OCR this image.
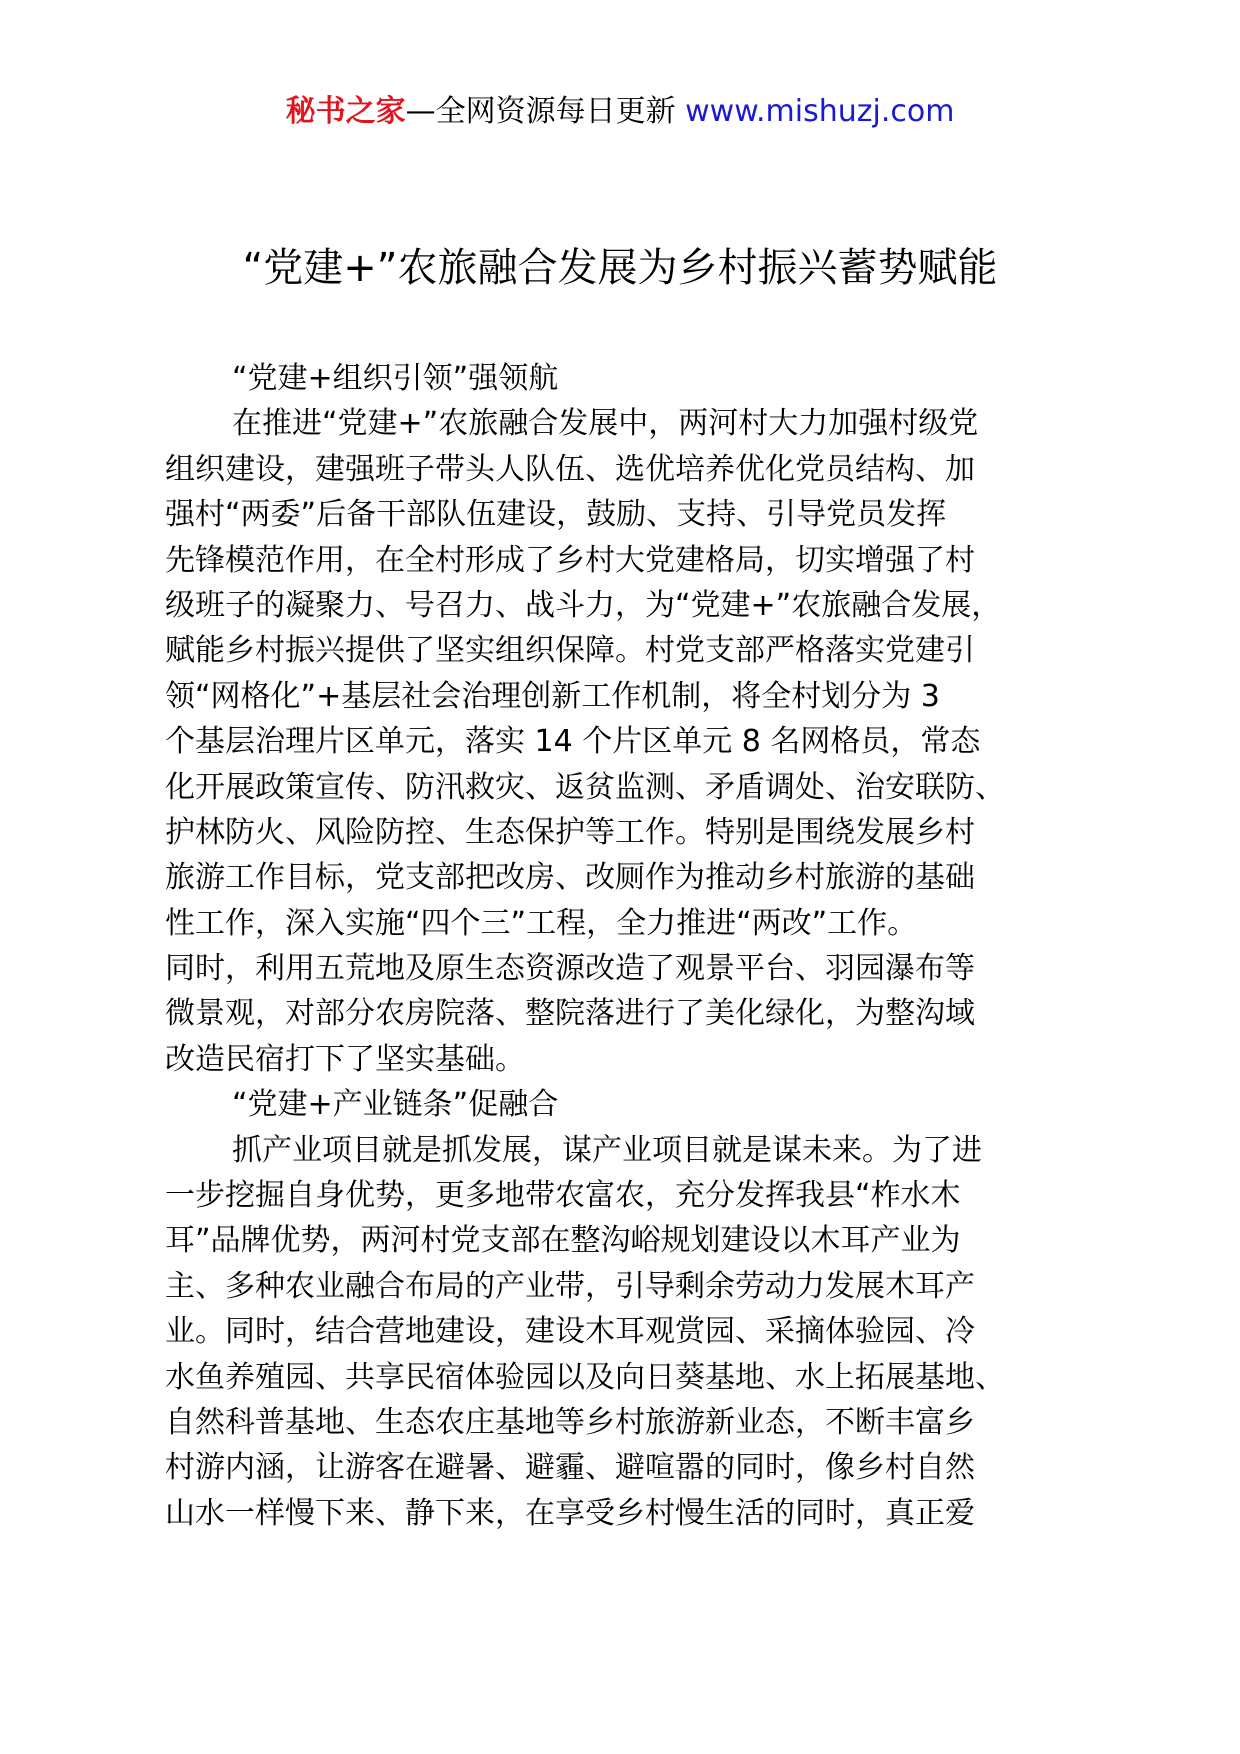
秘书之家—全网资源每日更新 www.mishuzj.com
“党建+”农旅融合发展为乡村振兴蓄势赋能
“党建+组织引领”强领航
在推进“党建+”农旅融合发展中，两河村大力加强村级党
组织建设，建强班子带头人队伍、选优培养优化党员结构、加
强村“两委”后备干部队伍建设，鼓励、支持、引导党员发挥
先锋模范作用，在全村形成了乡村大党建格局，切实增强了村
级班子的凝聚力、号召力、战斗力，为“党建+”农旅融合发展，
赋能乡村振兴提供了坚实组织保障。村党支部严格落实党建引
领“网格化”+基层社会治理创新工作机制，将全村划分为 3
个基层治理片区单元，落实 14 个片区单元 8 名网格员，常态
化开展政策宣传、防汛救灾、返贫监测、矛盾调处、治安联防、
护林防火、风险防控、生态保护等工作。特别是围绕发展乡村
旅游工作目标，党支部把改房、改厕作为推动乡村旅游的基础
性工作，深入实施“四个三”工程，全力推进“两改”工作。
同时，利用五荒地及原生态资源改造了观景平台、羽园瀑布等
微景观，对部分农房院落、整院落进行了美化绿化，为整沟域
改造民宿打下了坚实基础。
“党建+产业链条”促融合
抓产业项目就是抓发展，谋产业项目就是谋未来。为了进
一步挖掘自身优势，更多地带农富农，充分发挥我县“柞水木
耳”品牌优势，两河村党支部在整沟峪规划建设以木耳产业为
主、多种农业融合布局的产业带，引导剩余劳动力发展木耳产
业。同时，结合营地建设，建设木耳观赏园、采摘体验园、冷
水鱼养殖园、共享民宿体验园以及向日葵基地、水上拓展基地、
自然科普基地、生态农庄基地等乡村旅游新业态，不断丰富乡
村游内涵，让游客在避暑、避霾、避喧嚣的同时，像乡村自然
山水一样慢下来、静下来，在享受乡村慢生活的同时，真正爱
